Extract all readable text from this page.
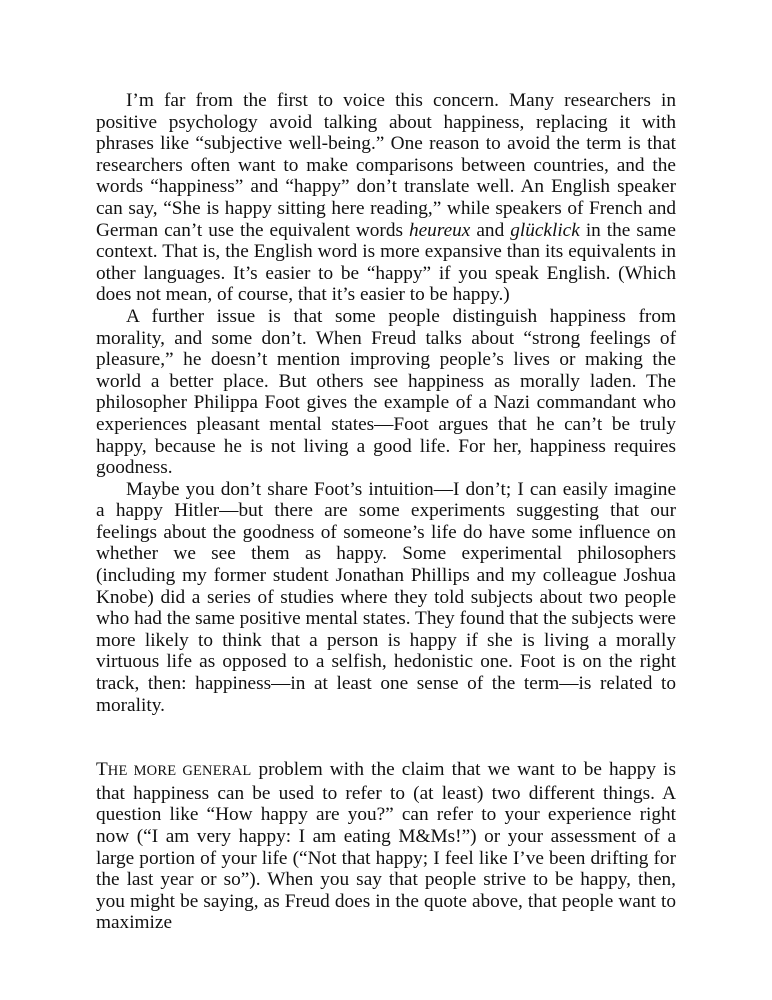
I’m far from the first to voice this concern. Many researchers in positive psychology avoid talking about happiness, replacing it with phrases like “subjective well-being.” One reason to avoid the term is that researchers often want to make comparisons between countries, and the words “happiness” and “happy” don’t translate well. An English speaker can say, “She is happy sitting here reading,” while speakers of French and German can’t use the equivalent words heureux and glücklick in the same context. That is, the English word is more expansive than its equivalents in other languages. It’s easier to be “happy” if you speak English. (Which does not mean, of course, that it’s easier to be happy.)

A further issue is that some people distinguish happiness from morality, and some don’t. When Freud talks about “strong feelings of pleasure,” he doesn’t mention improving people’s lives or making the world a better place. But others see happiness as morally laden. The philosopher Philippa Foot gives the example of a Nazi commandant who experiences pleasant mental states—Foot argues that he can’t be truly happy, because he is not living a good life. For her, happiness requires goodness.

Maybe you don’t share Foot’s intuition—I don’t; I can easily imagine a happy Hitler—but there are some experiments suggesting that our feelings about the goodness of someone’s life do have some influence on whether we see them as happy. Some experimental philosophers (including my former student Jonathan Phillips and my colleague Joshua Knobe) did a series of studies where they told subjects about two people who had the same positive mental states. They found that the subjects were more likely to think that a person is happy if she is living a morally virtuous life as opposed to a selfish, hedonistic one. Foot is on the right track, then: happiness—in at least one sense of the term—is related to morality.

THE MORE GENERAL problem with the claim that we want to be happy is that happiness can be used to refer to (at least) two different things. A question like “How happy are you?” can refer to your experience right now (“I am very happy: I am eating M&Ms!”) or your assessment of a large portion of your life (“Not that happy; I feel like I’ve been drifting for the last year or so”). When you say that people strive to be happy, then, you might be saying, as Freud does in the quote above, that people want to maximize
